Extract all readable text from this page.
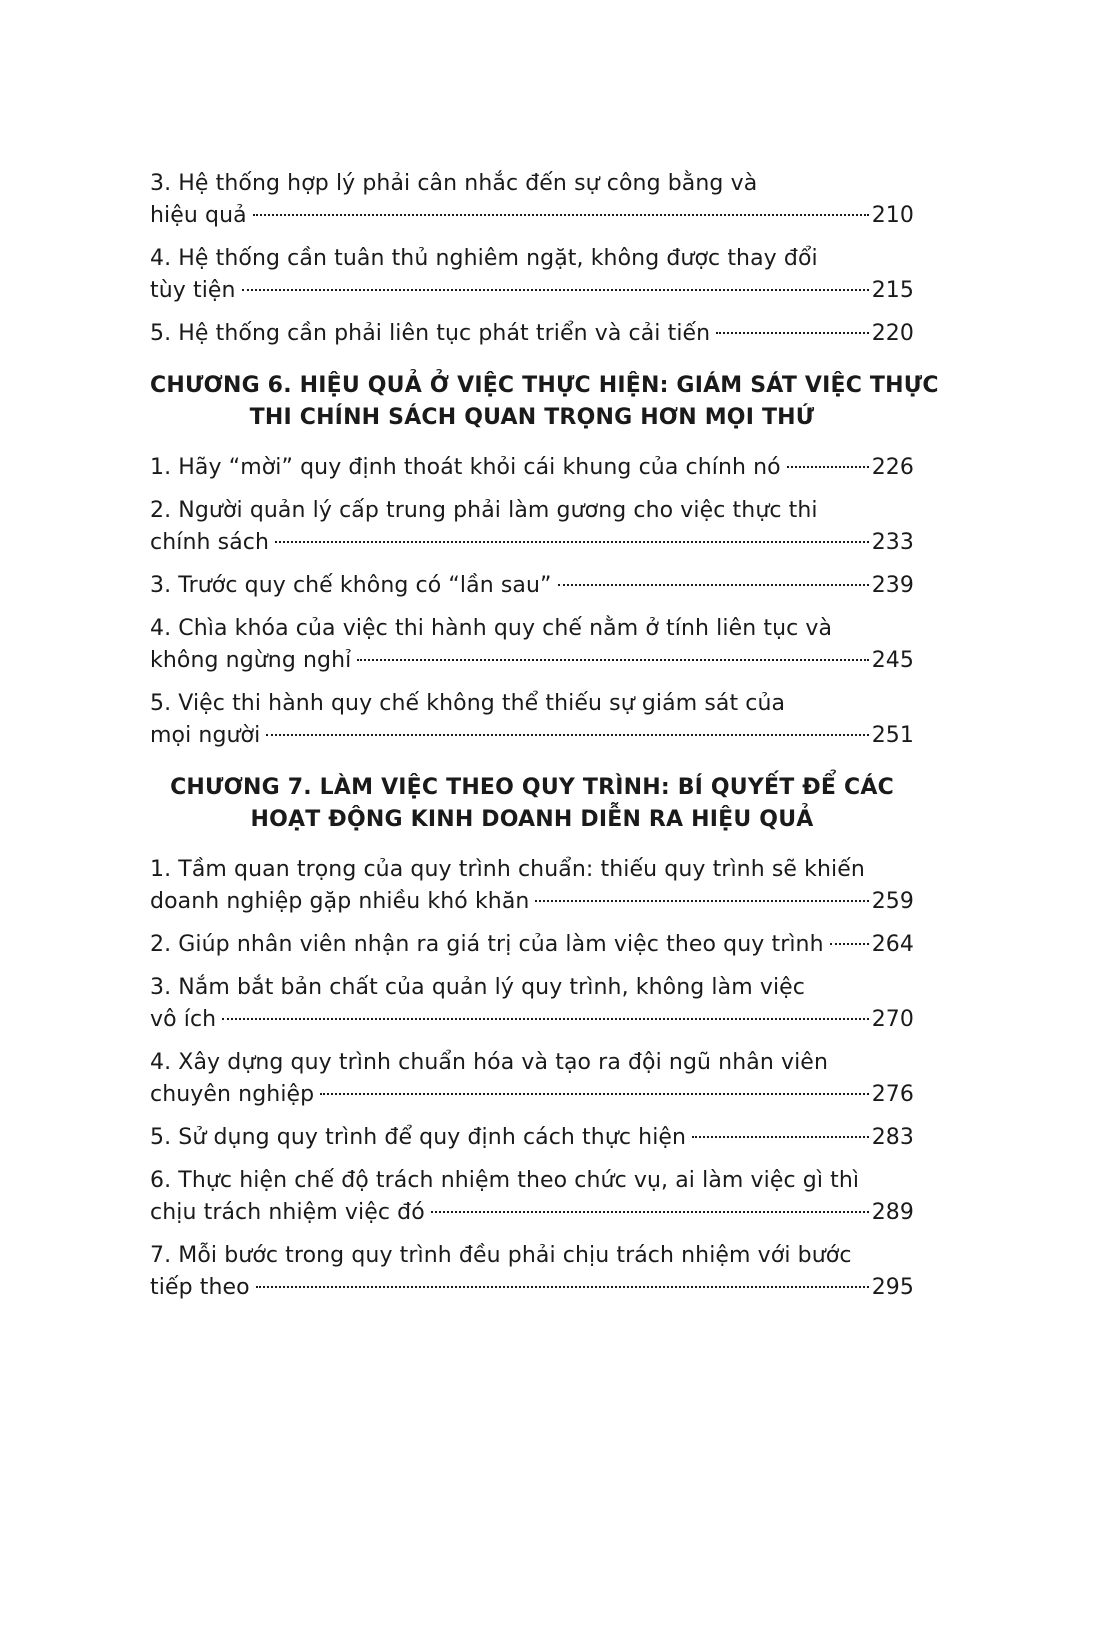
3. Hệ thống hợp lý phải cân nhắc đến sự công bằng và
hiệu quả	210
4. Hệ thống cần tuân thủ nghiêm ngặt, không được thay đổi
tùy tiện	215
5. Hệ thống cần phải liên tục phát triển và cải tiến	220
CHƯƠNG 6. HIỆU QUẢ Ở VIỆC THỰC HIỆN: GIÁM SÁT VIỆC THỰC
THI CHÍNH SÁCH QUAN TRỌNG HƠN MỌI THỨ
1. Hãy “mời” quy định thoát khỏi cái khung của chính nó	226
2. Người quản lý cấp trung phải làm gương cho việc thực thi
chính sách	233
3. Trước quy chế không có “lần sau”	239
4. Chìa khóa của việc thi hành quy chế nằm ở tính liên tục và
không ngừng nghỉ	245
5. Việc thi hành quy chế không thể thiếu sự giám sát của
mọi người	251
CHƯƠNG 7. LÀM VIỆC THEO QUY TRÌNH: BÍ QUYẾT ĐỂ CÁC
HOẠT ĐỘNG KINH DOANH DIỄN RA HIỆU QUẢ
1. Tầm quan trọng của quy trình chuẩn: thiếu quy trình sẽ khiến
doanh nghiệp gặp nhiều khó khăn	259
2. Giúp nhân viên nhận ra giá trị của làm việc theo quy trình 264
3. Nắm bắt bản chất của quản lý quy trình, không làm việc
vô ích	270
4. Xây dựng quy trình chuẩn hóa và tạo ra đội ngũ nhân viên
chuyên nghiệp	276
5. Sử dụng quy trình để quy định cách thực hiện	283
6. Thực hiện chế độ trách nhiệm theo chức vụ, ai làm việc gì thì
chịu trách nhiệm việc đó	289
7. Mỗi bước trong quy trình đều phải chịu trách nhiệm với bước
tiếp theo	295
